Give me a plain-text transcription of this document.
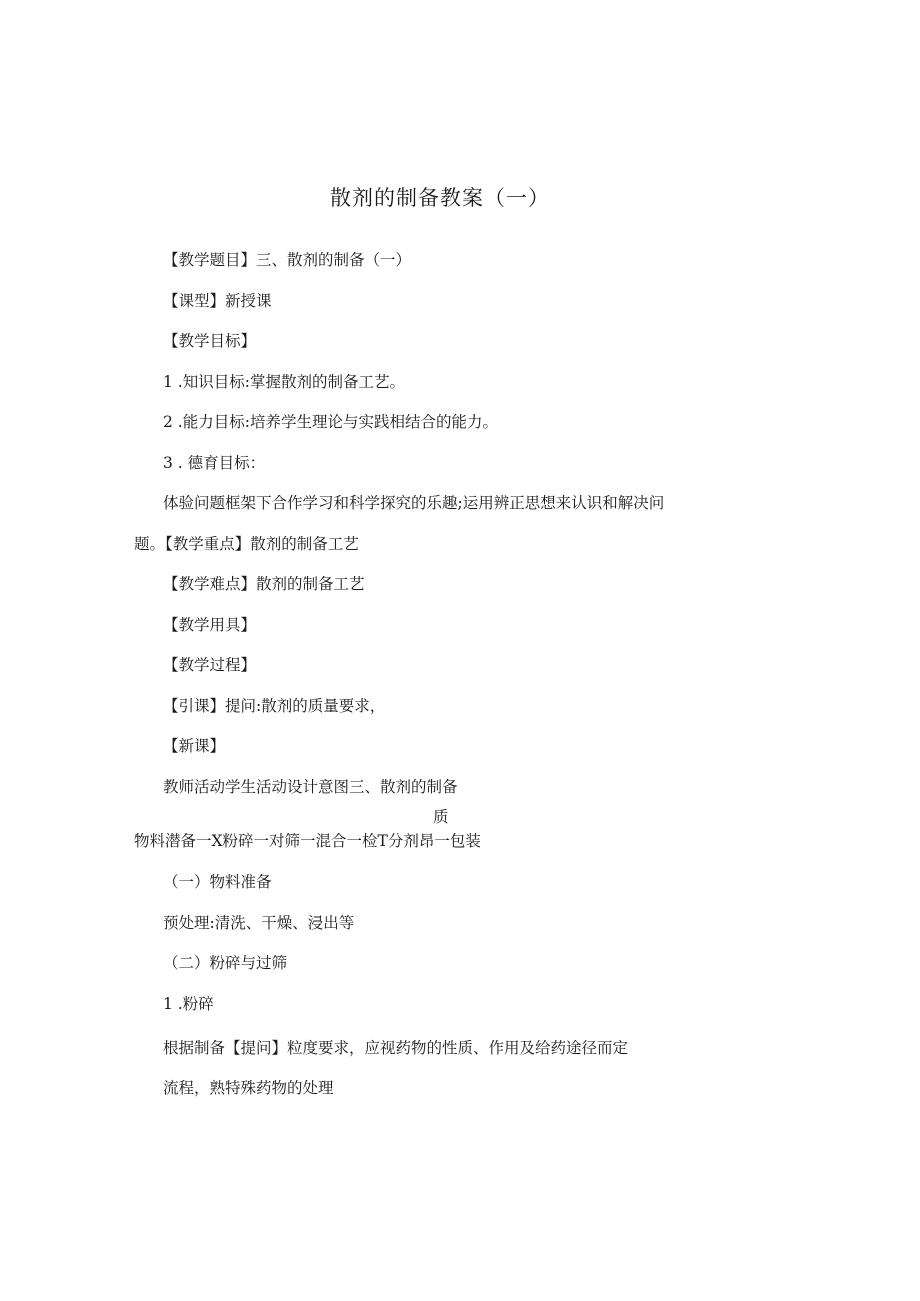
散剂的制备教案（一）
【教学题目】三、散剂的制备（一）
【课型】新授课
【教学目标】
1 .知识目标:掌握散剂的制备工艺。
2 .能力目标:培养学生理论与实践相结合的能力。
3 . 德育目标：
体验问题框架下合作学习和科学探究的乐趣;运用辨正思想来认识和解决问
题。【教学重点】散剂的制备工艺
【教学难点】散剂的制备工艺
【教学用具】
【教学过程】
【引课】提问:散剂的质量要求，
【新课】
教师活动学生活动设计意图三、散剂的制备
质
物料潜备一X粉碎一对筛一混合一检T分剂昂一包装
（一）物料准备
预处理:清洗、干燥、浸出等
（二）粉碎与过筛
1 .粉碎
根据制备【提问】粒度要求，应视药物的性质、作用及给药途径而定
流程，熟特殊药物的处理
